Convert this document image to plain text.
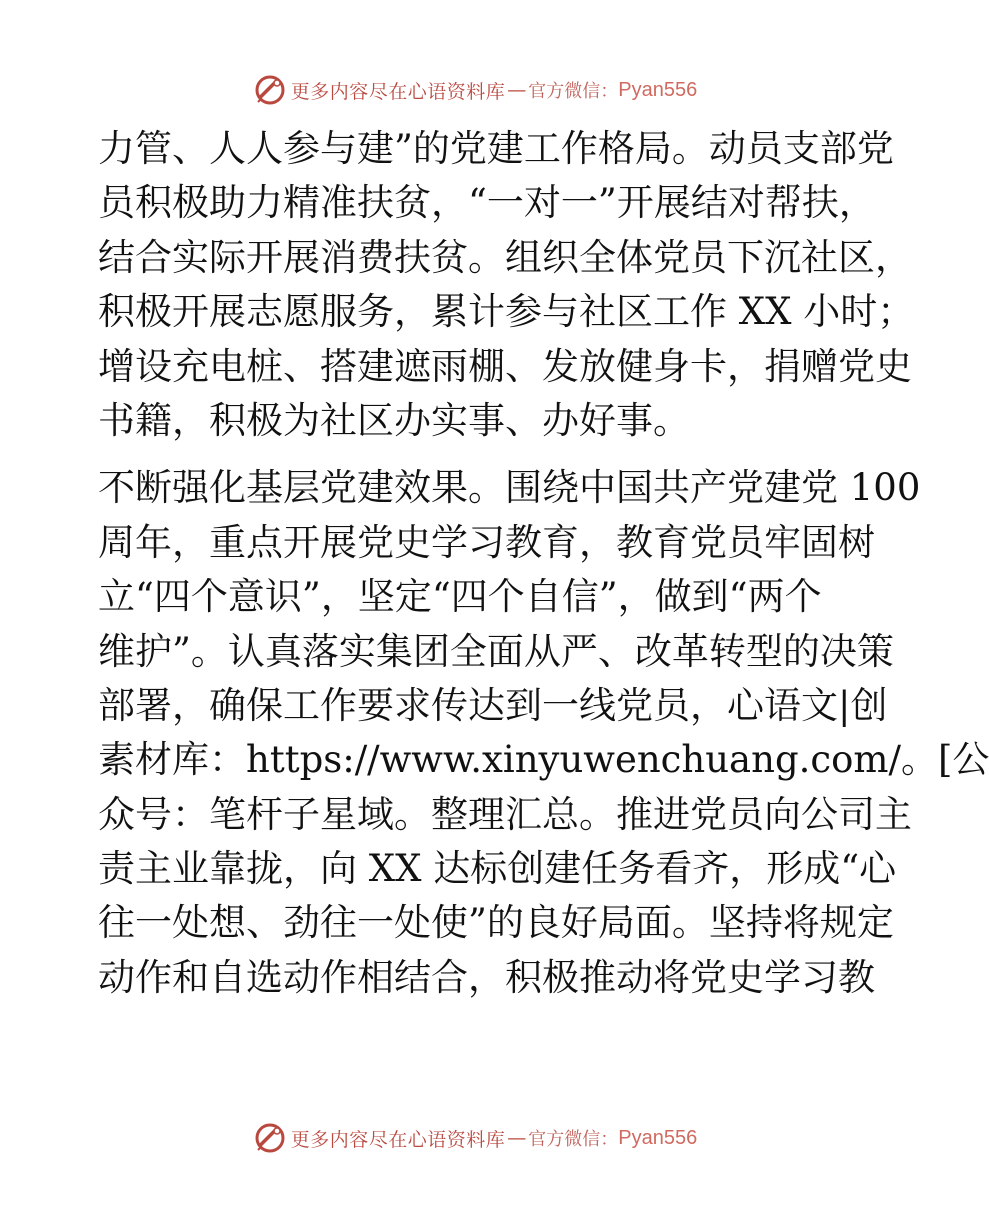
更多内容尽在心语资料库 — 官方微信： Pyan556

力管、人人参与建”的党建工作格局。动员支部党
员积极助力精准扶贫，“一对一”开展结对帮扶，
结合实际开展消费扶贫。组织全体党员下沉社区，
积极开展志愿服务，累计参与社区工作 XX 小时；
增设充电桩、搭建遮雨棚、发放健身卡，捐赠党史
书籍，积极为社区办实事、办好事。

不断强化基层党建效果。围绕中国共产党建党 100
周年，重点开展党史学习教育，教育党员牢固树
立“四个意识”，坚定“四个自信”，做到“两个
维护”。认真落实集团全面从严、改革转型的决策
部署，确保工作要求传达到一线党员，心语文|创
素材库：https://www.xinyuwenchuang.com/。[公
众号：笔杆子星域。整理汇总。推进党员向公司主
责主业靠拢，向 XX 达标创建任务看齐，形成“心
往一处想、劲往一处使”的良好局面。坚持将规定
动作和自选动作相结合，积极推动将党史学习教

更多内容尽在心语资料库 — 官方微信： Pyan556
